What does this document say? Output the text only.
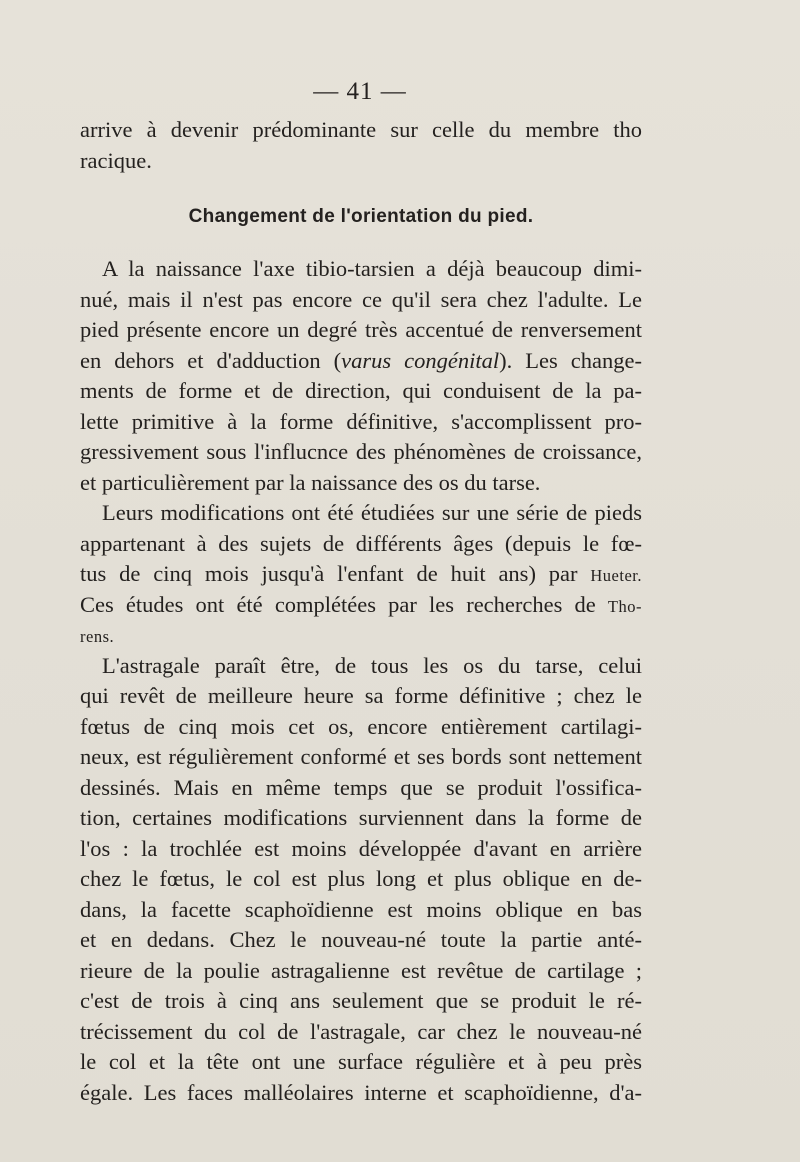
— 41 —
arrive à devenir prédominante sur celle du membre tho
racique.
Changement de l'orientation du pied.
A la naissance l'axe tibio-tarsien a déjà beaucoup dimi-
nué, mais il n'est pas encore ce qu'il sera chez l'adulte. Le
pied présente encore un degré très accentué de renversement
en dehors et d'adduction (varus congénital). Les change-
ments de forme et de direction, qui conduisent de la pa-
lette primitive à la forme définitive, s'accomplissent pro-
gressivement sous l'influcnce des phénomènes de croissance,
et particulièrement par la naissance des os du tarse.
Leurs modifications ont été étudiées sur une série de pieds
appartenant à des sujets de différents âges (depuis le fœ-
tus de cinq mois jusqu'à l'enfant de huit ans) par Hueter.
Ces études ont été complétées par les recherches de Tho-
rens.
L'astragale paraît être, de tous les os du tarse, celui
qui revêt de meilleure heure sa forme définitive ; chez le
fœtus de cinq mois cet os, encore entièrement cartilagi-
neux, est régulièrement conformé et ses bords sont nettement
dessinés. Mais en même temps que se produit l'ossifica-
tion, certaines modifications surviennent dans la forme de
l'os : la trochlée est moins développée d'avant en arrière
chez le fœtus, le col est plus long et plus oblique en de-
dans, la facette scaphoïdienne est moins oblique en bas
et en dedans. Chez le nouveau-né toute la partie anté-
rieure de la poulie astragalienne est revêtue de cartilage ;
c'est de trois à cinq ans seulement que se produit le ré-
trécissement du col de l'astragale, car chez le nouveau-né
le col et la tête ont une surface régulière et à peu près
égale. Les faces malléolaires interne et scaphoïdienne, d'a-
